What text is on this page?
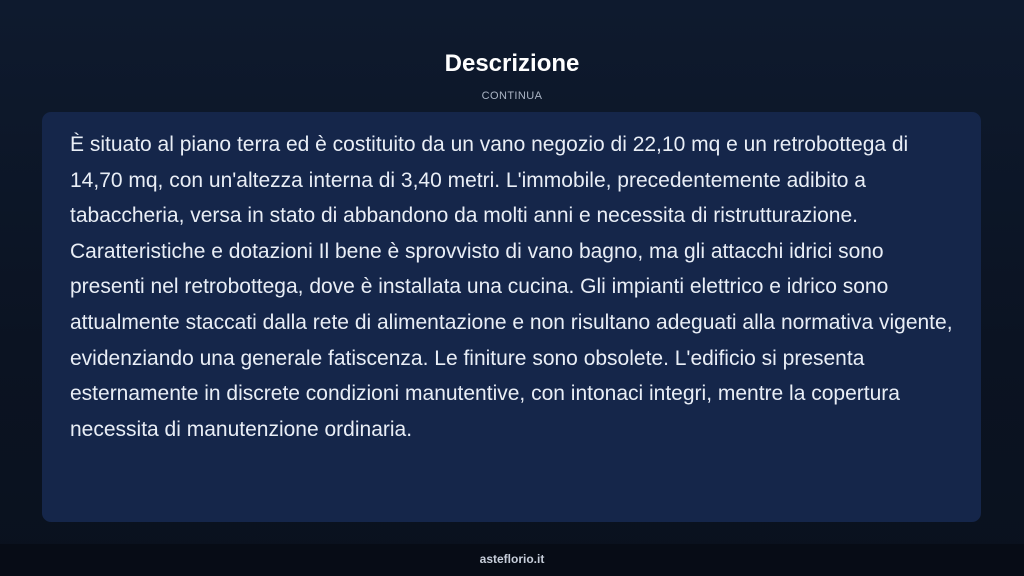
Descrizione
CONTINUA

È situato al piano terra ed è costituito da un vano negozio di 22,10 mq e un retrobottega di 14,70 mq, con un'altezza interna di 3,40 metri. L'immobile, precedentemente adibito a tabaccheria, versa in stato di abbandono da molti anni e necessita di ristrutturazione. Caratteristiche e dotazioni Il bene è sprovvisto di vano bagno, ma gli attacchi idrici sono presenti nel retrobottega, dove è installata una cucina. Gli impianti elettrico e idrico sono attualmente staccati dalla rete di alimentazione e non risultano adeguati alla normativa vigente, evidenziando una generale fatiscenza. Le finiture sono obsolete. L'edificio si presenta esternamente in discrete condizioni manutentive, con intonaci integri, mentre la copertura necessita di manutenzione ordinaria.

asteflorio.it
